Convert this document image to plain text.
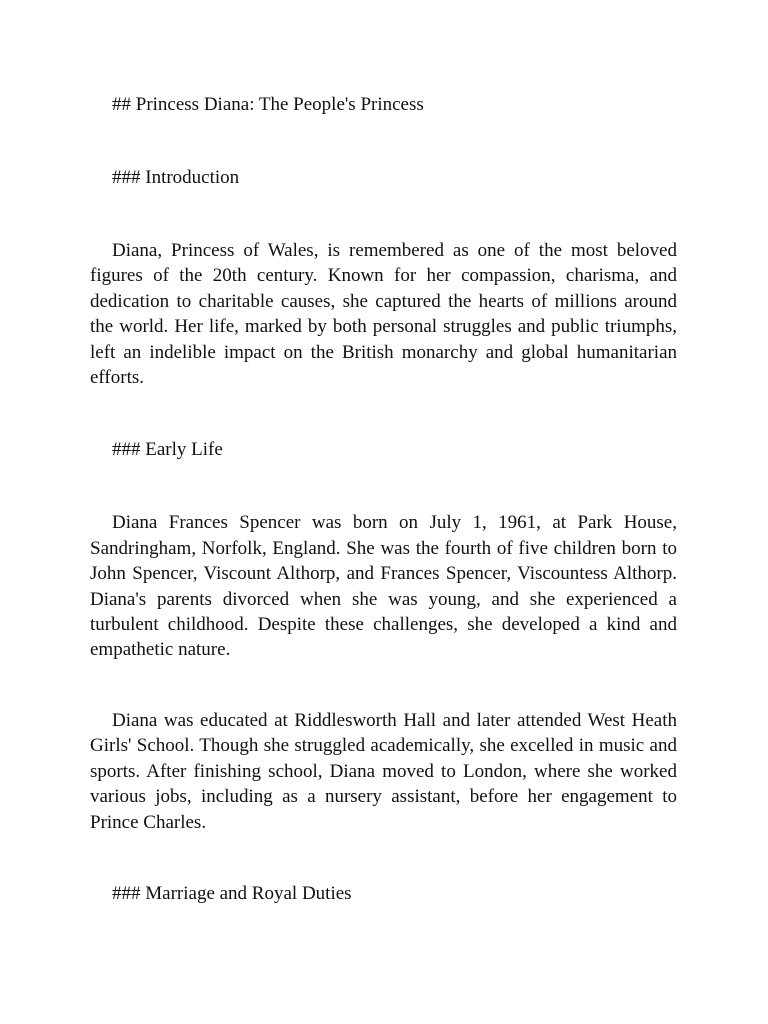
## Princess Diana: The People's Princess

### Introduction

Diana, Princess of Wales, is remembered as one of the most beloved figures of the 20th century. Known for her compassion, charisma, and dedication to charitable causes, she captured the hearts of millions around the world. Her life, marked by both personal struggles and public triumphs, left an indelible impact on the British monarchy and global humanitarian efforts.

### Early Life

Diana Frances Spencer was born on July 1, 1961, at Park House, Sandringham, Norfolk, England. She was the fourth of five children born to John Spencer, Viscount Althorp, and Frances Spencer, Viscountess Althorp. Diana's parents divorced when she was young, and she experienced a turbulent childhood. Despite these challenges, she developed a kind and empathetic nature.

Diana was educated at Riddlesworth Hall and later attended West Heath Girls' School. Though she struggled academically, she excelled in music and sports. After finishing school, Diana moved to London, where she worked various jobs, including as a nursery assistant, before her engagement to Prince Charles.

### Marriage and Royal Duties
